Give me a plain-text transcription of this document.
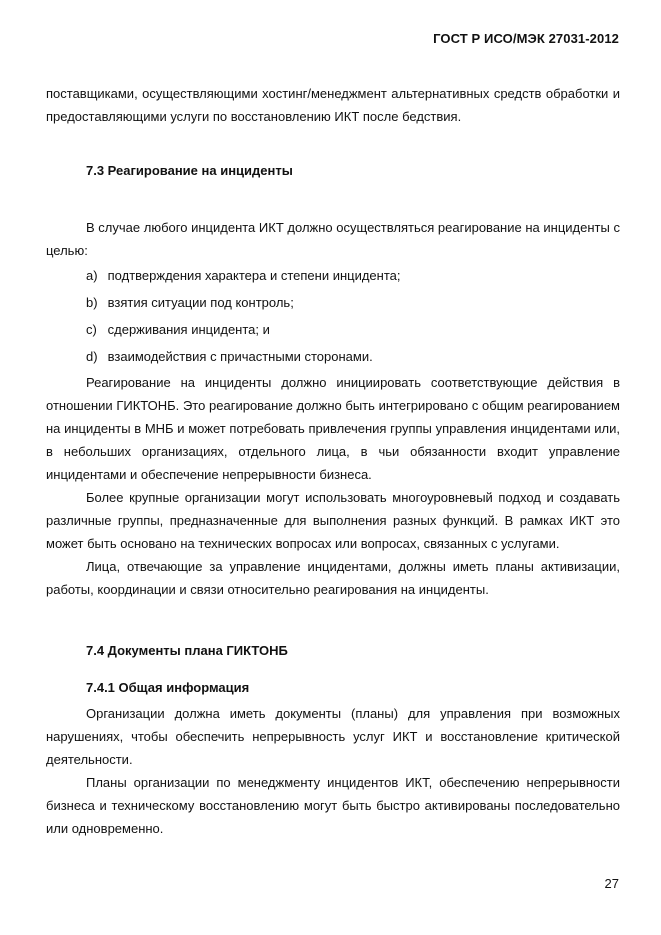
ГОСТ Р ИСО/МЭК 27031-2012

поставщиками, осуществляющими хостинг/менеджмент альтернативных средств обработки и предоставляющими услуги по восстановлению ИКТ после бедствия.

7.3 Реагирование на инциденты

В случае любого инцидента ИКТ должно осуществляться реагирование на инциденты с целью:

а) подтверждения характера и степени инцидента;
b) взятия ситуации под контроль;
с) сдерживания инцидента; и
d) взаимодействия с причастными сторонами.

Реагирование на инциденты должно инициировать соответствующие действия в отношении ГИКТОНБ. Это реагирование должно быть интегрировано с общим реагированием на инциденты в МНБ и может потребовать привлечения группы управления инцидентами или, в небольших организациях, отдельного лица, в чьи обязанности входит управление инцидентами и обеспечение непрерывности бизнеса.

Более крупные организации могут использовать многоуровневый подход и создавать различные группы, предназначенные для выполнения разных функций. В рамках ИКТ это может быть основано на технических вопросах или вопросах, связанных с услугами.

Лица, отвечающие за управление инцидентами, должны иметь планы активизации, работы, координации и связи относительно реагирования на инциденты.

7.4 Документы плана ГИКТОНБ
7.4.1 Общая информация

Организации должна иметь документы (планы) для управления при возможных нарушениях, чтобы обеспечить непрерывность услуг ИКТ и восстановление критической деятельности.

Планы организации по менеджменту инцидентов ИКТ, обеспечению непрерывности бизнеса и техническому восстановлению могут быть быстро активированы последовательно или одновременно.

27
